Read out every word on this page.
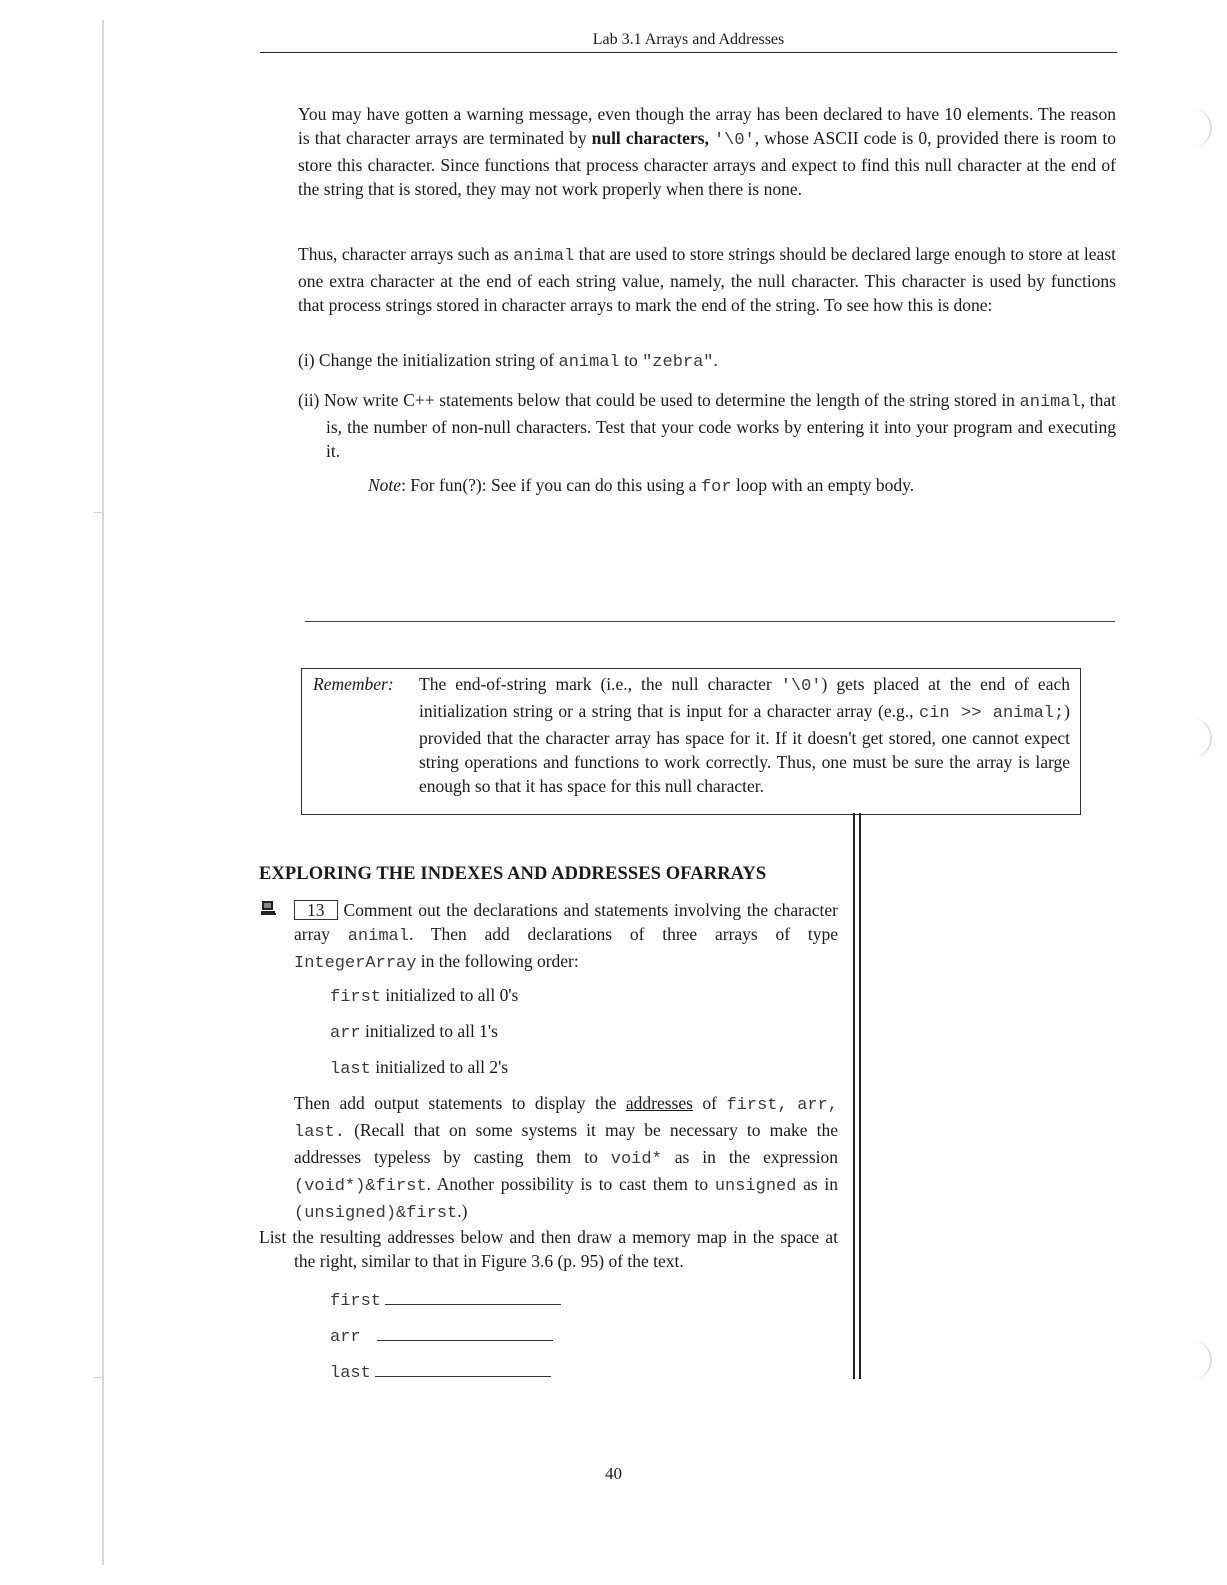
Lab 3.1 Arrays and Addresses
You may have gotten a warning message, even though the array has been declared to have 10 elements. The reason is that character arrays are terminated by null characters, '\0', whose ASCII code is 0, provided there is room to store this character. Since functions that process character arrays and expect to find this null character at the end of the string that is stored, they may not work properly when there is none.
Thus, character arrays such as animal that are used to store strings should be declared large enough to store at least one extra character at the end of each string value, namely, the null character. This character is used by functions that process strings stored in character arrays to mark the end of the string. To see how this is done:
(i) Change the initialization string of animal to "zebra".
(ii) Now write C++ statements below that could be used to determine the length of the string stored in animal, that is, the number of non-null characters. Test that your code works by entering it into your program and executing it.
Note: For fun(?): See if you can do this using a for loop with an empty body.
Remember: The end-of-string mark (i.e., the null character '\0') gets placed at the end of each initialization string or a string that is input for a character array (e.g., cin >> animal;) provided that the character array has space for it. If it doesn't get stored, one cannot expect string operations and functions to work correctly. Thus, one must be sure the array is large enough so that it has space for this null character.
EXPLORING THE INDEXES AND ADDRESSES OFARRAYS
13 Comment out the declarations and statements involving the character array animal. Then add declarations of three arrays of type IntegerArray in the following order:
first initialized to all 0's
arr initialized to all 1's
last initialized to all 2's
Then add output statements to display the addresses of first, arr, last. (Recall that on some systems it may be necessary to make the addresses typeless by casting them to void* as in the expression (void*)&first. Another possibility is to cast them to unsigned as in (unsigned)&first.)
List the resulting addresses below and then draw a memory map in the space at the right, similar to that in Figure 3.6 (p. 95) of the text.
first
arr
last
40
